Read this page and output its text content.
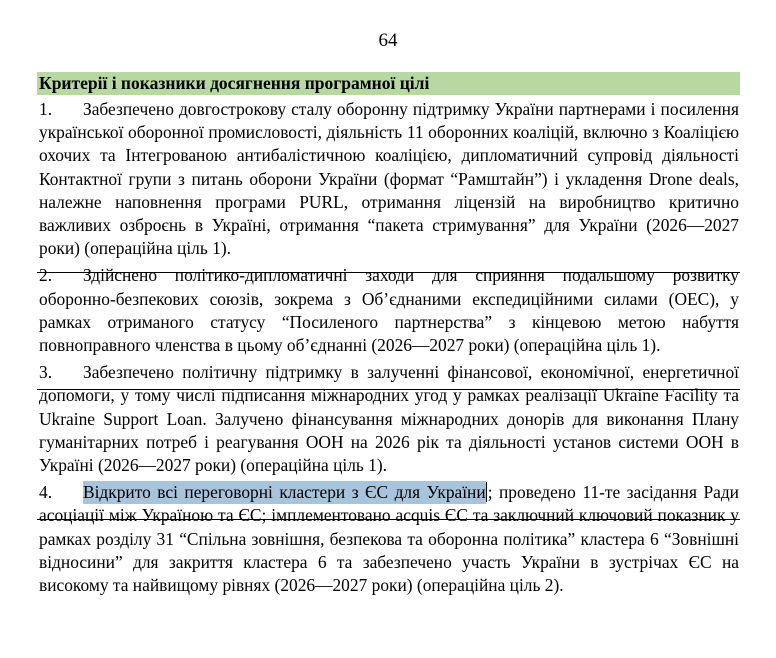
64
Критерії і показники досягнення програмної цілі

1. Забезпечено довгострокову сталу оборонну підтримку України партнерами і посилення української оборонної промисловості, діяльність 11 оборонних коаліцій, включно з Коаліцією охочих та Інтегрованою антибалістичною коаліцією, дипломатичний супровід діяльності Контактної групи з питань оборони України (формат “Рамштайн”) і укладення Drone deals, належне наповнення програми PURL, отримання ліцензій на виробництво критично важливих озброєнь в Україні, отримання “пакета стримування” для України (2026—2027 роки) (операційна ціль 1).

2. Здійснено політико-дипломатичні заходи для сприяння подальшому розвитку оборонно-безпекових союзів, зокрема з Об’єднаними експедиційними силами (ОЕС), у рамках отриманого статусу “Посиленого партнерства” з кінцевою метою набуття повноправного членства в цьому об’єднанні (2026—2027 роки) (операційна ціль 1).

3. Забезпечено політичну підтримку в залученні фінансової, економічної, енергетичної допомоги, у тому числі підписання міжнародних угод у рамках реалізації Ukraine Facility та Ukraine Support Loan. Залучено фінансування міжнародних донорів для виконання Плану гуманітарних потреб і реагування ООН на 2026 рік та діяльності установ системи ООН в Україні (2026—2027 роки) (операційна ціль 1).

4. Відкрито всі переговорні кластери з ЄС для України ; проведено 11-те засідання Ради асоціації між Україною та ЄС; імплементовано acquis ЄС та заключний ключовий показник у рамках розділу 31 “Спільна зовнішня, безпекова та оборонна політика” кластера 6 “Зовнішні відносини” для закриття кластера 6 та забезпечено участь України в зустрічах ЄС на високому та найвищому рівнях (2026—2027 роки) (операційна ціль 2).
